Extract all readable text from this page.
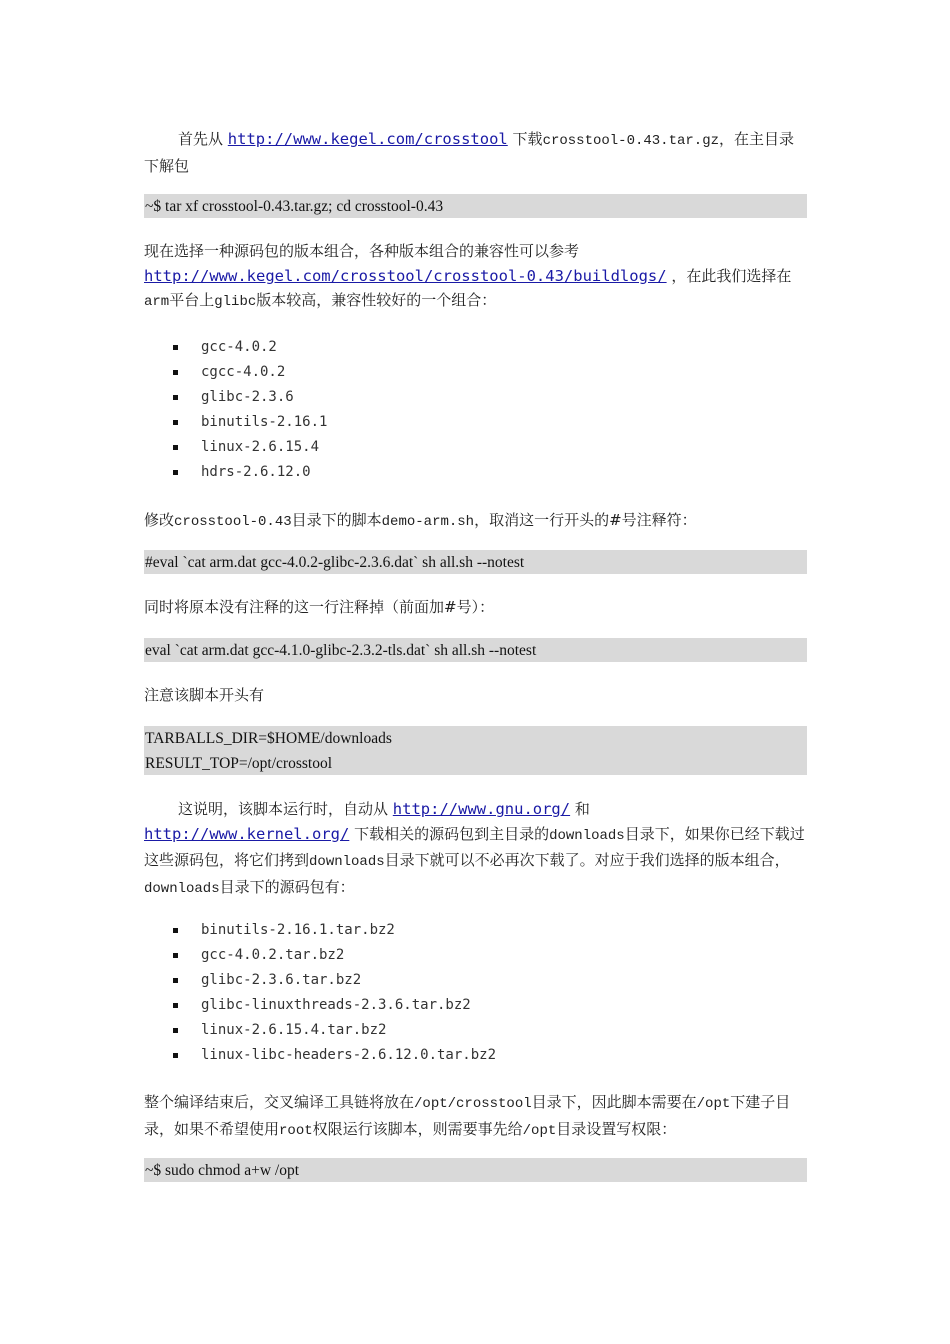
首先从 http://www.kegel.com/crosstool 下载crosstool-0.43.tar.gz，在主目录下解包

~$ tar xf crosstool-0.43.tar.gz; cd crosstool-0.43

现在选择一种源码包的版本组合，各种版本组合的兼容性可以参考
http://www.kegel.com/crosstool/crosstool-0.43/buildlogs/ ，在此我们选择在arm平台上glibc版本较高，兼容性较好的一个组合：

gcc-4.0.2
cgcc-4.0.2
glibc-2.3.6
binutils-2.16.1
linux-2.6.15.4
hdrs-2.6.12.0

修改crosstool-0.43目录下的脚本demo-arm.sh，取消这一行开头的#号注释符：

#eval `cat arm.dat gcc-4.0.2-glibc-2.3.6.dat` sh all.sh --notest

同时将原本没有注释的这一行注释掉（前面加#号）：

eval `cat arm.dat gcc-4.1.0-glibc-2.3.2-tls.dat` sh all.sh --notest

注意该脚本开头有

TARBALLS_DIR=$HOME/downloads
RESULT_TOP=/opt/crosstool

这说明，该脚本运行时，自动从 http://www.gnu.org/ 和
http://www.kernel.org/ 下载相关的源码包到主目录的downloads目录下，如果你已经下载过这些源码包，将它们拷到downloads目录下就可以不必再次下载了。对应于我们选择的版本组合，downloads目录下的源码包有：

binutils-2.16.1.tar.bz2
gcc-4.0.2.tar.bz2
glibc-2.3.6.tar.bz2
glibc-linuxthreads-2.3.6.tar.bz2
linux-2.6.15.4.tar.bz2
linux-libc-headers-2.6.12.0.tar.bz2

整个编译结束后，交叉编译工具链将放在/opt/crosstool目录下，因此脚本需要在/opt下建子目录，如果不希望使用root权限运行该脚本，则需要事先给/opt目录设置写权限：

~$ sudo chmod a+w /opt
